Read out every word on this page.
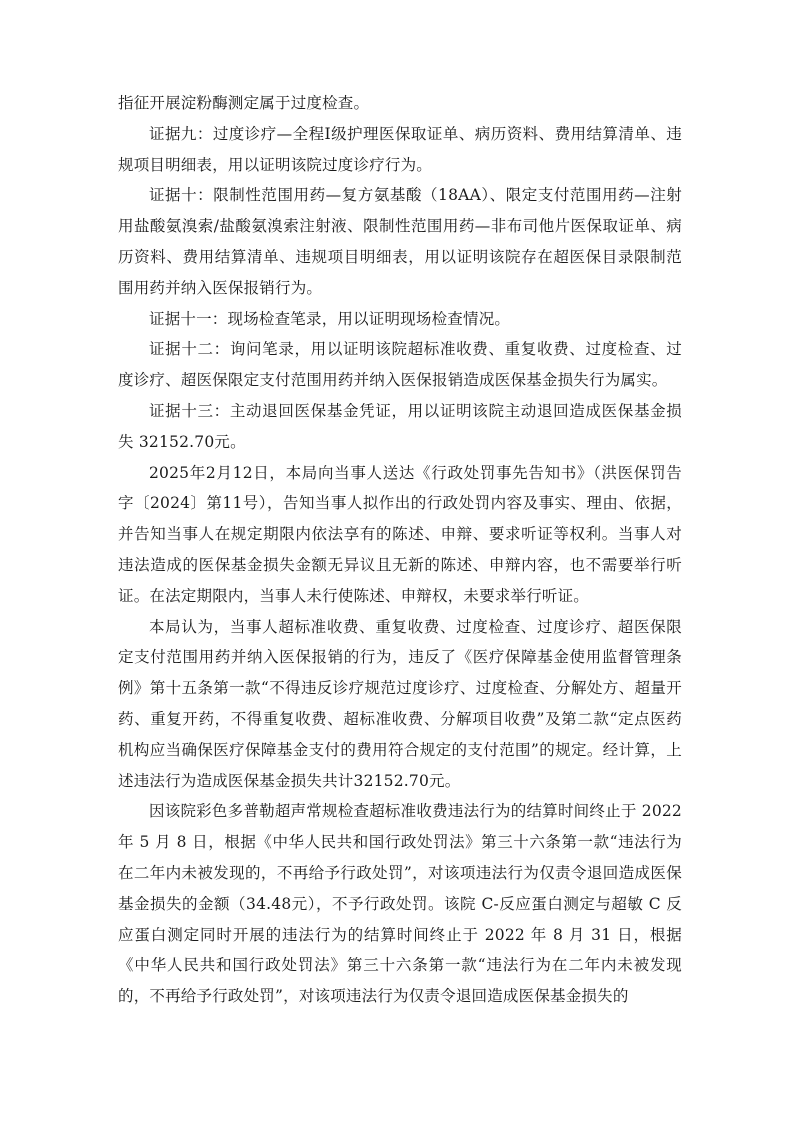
指征开展淀粉酶测定属于过度检查。

证据九：过度诊疗—全程Ⅰ级护理医保取证单、病历资料、费用结算清单、违规项目明细表，用以证明该院过度诊疗行为。

证据十：限制性范围用药—复方氨基酸（18AA）、限定支付范围用药—注射用盐酸氨溴索/盐酸氨溴索注射液、限制性范围用药—非布司他片医保取证单、病历资料、费用结算清单、违规项目明细表，用以证明该院存在超医保目录限制范围用药并纳入医保报销行为。

证据十一：现场检查笔录，用以证明现场检查情况。

证据十二：询问笔录，用以证明该院超标准收费、重复收费、过度检查、过度诊疗、超医保限定支付范围用药并纳入医保报销造成医保基金损失行为属实。

证据十三：主动退回医保基金凭证，用以证明该院主动退回造成医保基金损失 32152.70元。

2025年2月12日，本局向当事人送达《行政处罚事先告知书》（洪医保罚告字〔2024〕第11号），告知当事人拟作出的行政处罚内容及事实、理由、依据，并告知当事人在规定期限内依法享有的陈述、申辩、要求听证等权利。当事人对违法造成的医保基金损失金额无异议且无新的陈述、申辩内容，也不需要举行听证。在法定期限内，当事人未行使陈述、申辩权，未要求举行听证。

本局认为，当事人超标准收费、重复收费、过度检查、过度诊疗、超医保限定支付范围用药并纳入医保报销的行为，违反了《医疗保障基金使用监督管理条例》第十五条第一款“不得违反诊疗规范过度诊疗、过度检查、分解处方、超量开药、重复开药，不得重复收费、超标准收费、分解项目收费”及第二款“定点医药机构应当确保医疗保障基金支付的费用符合规定的支付范围”的规定。经计算，上述违法行为造成医保基金损失共计32152.70元。

因该院彩色多普勒超声常规检查超标准收费违法行为的结算时间终止于 2022 年 5 月 8 日，根据《中华人民共和国行政处罚法》第三十六条第一款“违法行为在二年内未被发现的，不再给予行政处罚”，对该项违法行为仅责令退回造成医保基金损失的金额（34.48元），不予行政处罚。该院 C-反应蛋白测定与超敏 C 反应蛋白测定同时开展的违法行为的结算时间终止于 2022 年 8 月 31 日，根据《中华人民共和国行政处罚法》第三十六条第一款“违法行为在二年内未被发现的，不再给予行政处罚”，对该项违法行为仅责令退回造成医保基金损失的
